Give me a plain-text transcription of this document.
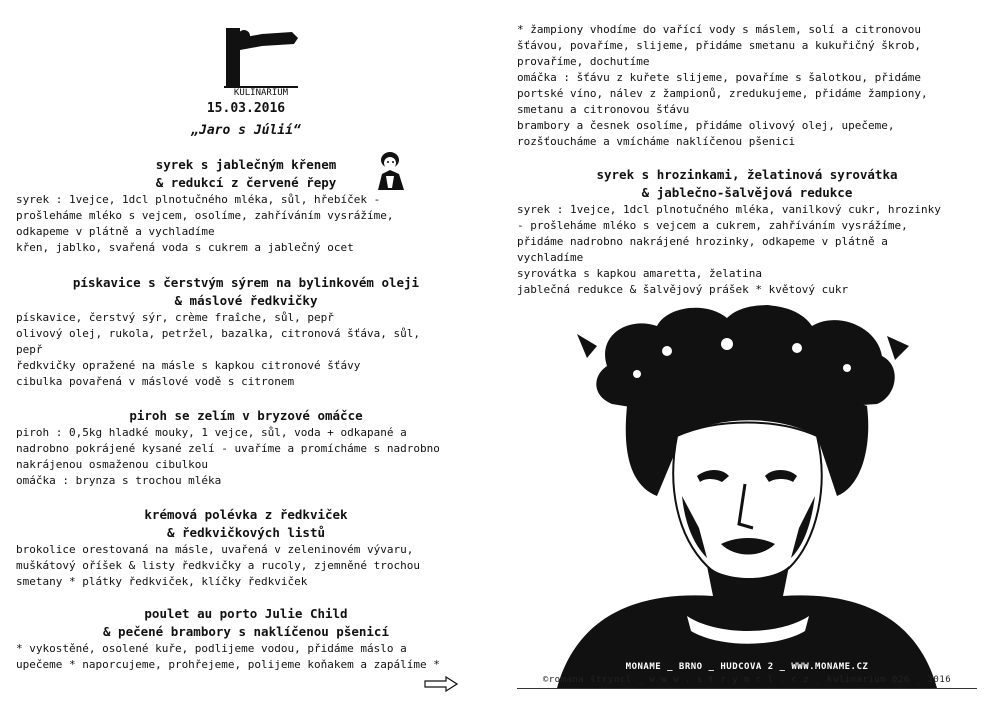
KULINARIUM
15.03.2016
„Jaro s Júlií“
syrek s jablečným křenem
& redukcí z červené řepy
syrek : 1vejce, 1dcl plnotučného mléka, sůl, hřebíček -
prošleháme mléko s vejcem, osolíme, zahříváním vysrážíme,
odkapeme v plátně a vychladíme
křen, jablko, svařená voda s cukrem a jablečný ocet
pískavice s čerstvým sýrem na bylinkovém oleji
& máslové ředkvičky
pískavice, čerstvý sýr, crème fraîche, sůl, pepř
olivový olej, rukola, petržel, bazalka, citronová šťáva, sůl,
pepř
ředkvičky opražené na másle s kapkou citronové šťávy
cibulka povařená v máslové vodě s citronem
piroh se zelím v bryzové omáčce
piroh : 0,5kg hladké mouky, 1 vejce, sůl, voda + odkapané a
nadrobno pokrájené kysané zelí - uvaříme a promícháme s nadrobno
nakrájenou osmaženou cibulkou
omáčka : brynza s trochou mléka
krémová polévka z ředkviček
& ředkvičkových listů
brokolice orestovaná na másle, uvařená v zeleninovém vývaru,
muškátový oříšek & listy ředkvičky a rucoly, zjemněné trochou
smetany * plátky ředkviček, klíčky ředkviček
poulet au porto Julie Child
& pečené brambory s naklíčenou pšenicí
* vykostěné, osolené kuře, podlijeme vodou, přidáme máslo a
upečeme * naporcujeme, prohřejeme, polijeme koňakem a zapálíme *
* žampiony vhodíme do vařící vody s máslem, solí a citronovou
šťávou, povaříme, slijeme, přidáme smetanu a kukuřičný škrob,
provaříme, dochutíme
omáčka : šťávu z kuřete slijeme, povaříme s šalotkou, přidáme
portské víno, nálev z žampionů, zredukujeme, přidáme žampiony,
smetanu a citronovou šťávu
brambory a česnek osolíme, přidáme olivový olej, upečeme,
rozšťoucháme a vmícháme naklíčenou pšenici
syrek s hrozinkami, želatinová syrovátka
& jablečno-šalvějová redukce
syrek : 1vejce, 1dcl plnotučného mléka, vanilkový cukr, hrozinky
- prošleháme mléko s vejcem a cukrem, zahříváním vysrážíme,
přidáme nadrobno nakrájené hrozinky, odkapeme v plátně a
vychladíme
syrovátka s kapkou amaretta, želatina
jablečná redukce & šalvějový prášek * květový cukr
MONAME _ BRNO _ HUDCOVA 2 _ WWW.MONAME.CZ
©romana štryncl _ w w w . s t r y n c l . c z _ kulinarium 026 _ 2016
